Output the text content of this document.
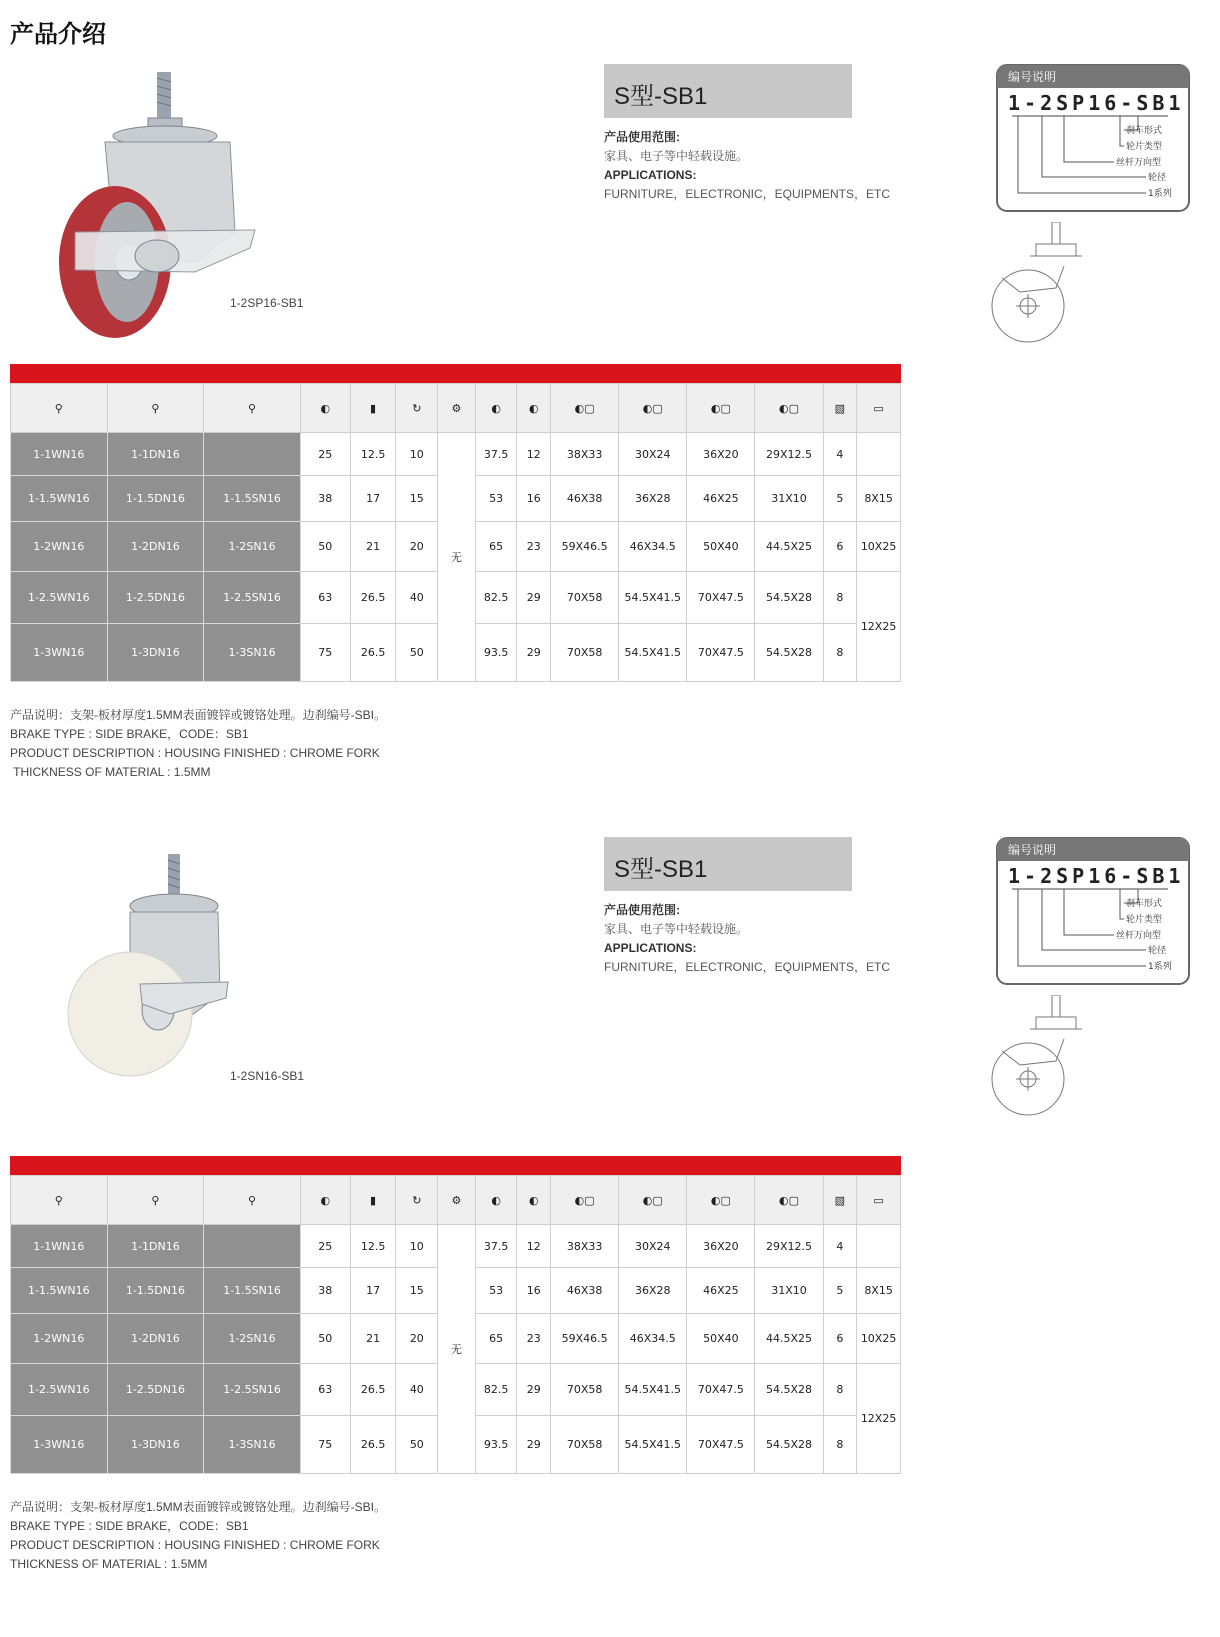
产品介绍
1-2SP16-SB1
S型-SB1
产品使用范围:
家具、电子等中轻载设施。
APPLICATIONS:
FURNITURE，ELECTRONIC，EQUIPMENTS，ETC
编号说明
1-2SP16-SB1
刹车形式
轮片类型
丝杆万向型
轮径
1系列
⚲	⚲	⚲	◐	▮	↻	⚙	◐	◐	◐▢	◐▢	◐▢	◐▢	▧	▭
1-1WN16	1-1DN16		25	12.5	10	无	37.5	12	38X33	30X24	36X20	29X12.5	4	
1-1.5WN16	1-1.5DN16	1-1.5SN16	38	17	15		53	16	46X38	36X28	46X25	31X10	5	8X15
1-2WN16	1-2DN16	1-2SN16	50	21	20		65	23	59X46.5	46X34.5	50X40	44.5X25	6	10X25
1-2.5WN16	1-2.5DN16	1-2.5SN16	63	26.5	40		82.5	29	70X58	54.5X41.5	70X47.5	54.5X28	8	12X25
1-3WN16	1-3DN16	1-3SN16	75	26.5	50		93.5	29	70X58	54.5X41.5	70X47.5	54.5X28	8	
产品说明：支架-板材厚度1.5MM表面镀锌或镀铬处理。边刹编号-SBI。
BRAKE TYPE : SIDE BRAKE，CODE：SB1
PRODUCT DESCRIPTION : HOUSING FINISHED : CHROME FORK
THICKNESS OF MATERIAL : 1.5MM
1-2SN16-SB1
S型-SB1
产品使用范围:
家具、电子等中轻载设施。
APPLICATIONS:
FURNITURE，ELECTRONIC，EQUIPMENTS，ETC
编号说明
1-2SP16-SB1
刹车形式
轮片类型
丝杆万向型
轮径
1系列
⚲	⚲	⚲	◐	▮	↻	⚙	◐	◐	◐▢	◐▢	◐▢	◐▢	▧	▭
1-1WN16	1-1DN16		25	12.5	10	无	37.5	12	38X33	30X24	36X20	29X12.5	4	
1-1.5WN16	1-1.5DN16	1-1.5SN16	38	17	15		53	16	46X38	36X28	46X25	31X10	5	8X15
1-2WN16	1-2DN16	1-2SN16	50	21	20		65	23	59X46.5	46X34.5	50X40	44.5X25	6	10X25
1-2.5WN16	1-2.5DN16	1-2.5SN16	63	26.5	40		82.5	29	70X58	54.5X41.5	70X47.5	54.5X28	8	12X25
1-3WN16	1-3DN16	1-3SN16	75	26.5	50		93.5	29	70X58	54.5X41.5	70X47.5	54.5X28	8	
产品说明：支架-板材厚度1.5MM表面镀锌或镀铬处理。边刹编号-SBI。
BRAKE TYPE : SIDE BRAKE，CODE：SB1
PRODUCT DESCRIPTION : HOUSING FINISHED : CHROME FORK
THICKNESS OF MATERIAL : 1.5MM
